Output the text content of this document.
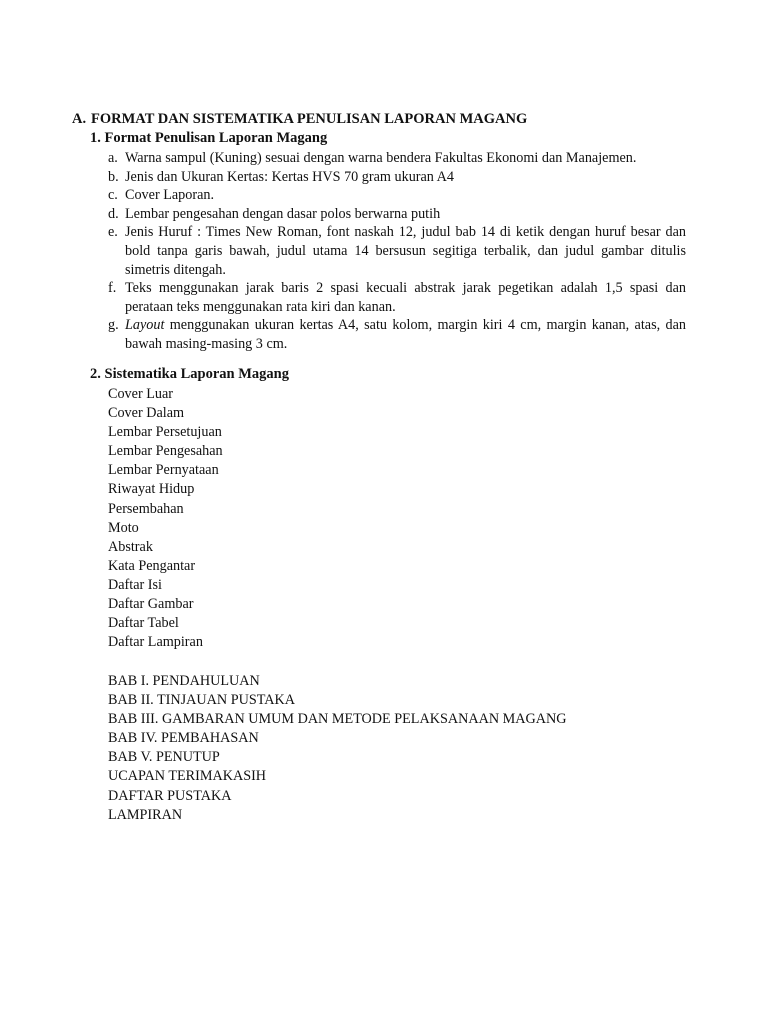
A. FORMAT DAN SISTEMATIKA PENULISAN LAPORAN MAGANG
1. Format Penulisan Laporan Magang
a. Warna sampul (Kuning) sesuai dengan warna bendera Fakultas Ekonomi dan Manajemen.
b. Jenis dan Ukuran Kertas: Kertas HVS 70 gram ukuran A4
c. Cover Laporan.
d. Lembar pengesahan dengan dasar polos berwarna putih
e. Jenis Huruf : Times New Roman, font naskah 12, judul bab 14 di ketik dengan huruf besar dan bold tanpa garis bawah, judul utama 14 bersusun segitiga terbalik, dan judul gambar ditulis simetris ditengah.
f. Teks menggunakan jarak baris 2 spasi kecuali abstrak jarak pegetikan adalah 1,5 spasi dan perataan teks menggunakan rata kiri dan kanan.
g. Layout menggunakan ukuran kertas A4, satu kolom, margin kiri 4 cm, margin kanan, atas, dan bawah masing-masing 3 cm.
2. Sistematika Laporan Magang
Cover Luar
Cover Dalam
Lembar Persetujuan
Lembar Pengesahan
Lembar Pernyataan
Riwayat Hidup
Persembahan
Moto
Abstrak
Kata Pengantar
Daftar Isi
Daftar Gambar
Daftar Tabel
Daftar Lampiran
BAB I. PENDAHULUAN
BAB II. TINJAUAN PUSTAKA
BAB III. GAMBARAN UMUM DAN METODE PELAKSANAAN MAGANG
BAB IV. PEMBAHASAN
BAB V. PENUTUP
UCAPAN TERIMAKASIH
DAFTAR PUSTAKA
LAMPIRAN
